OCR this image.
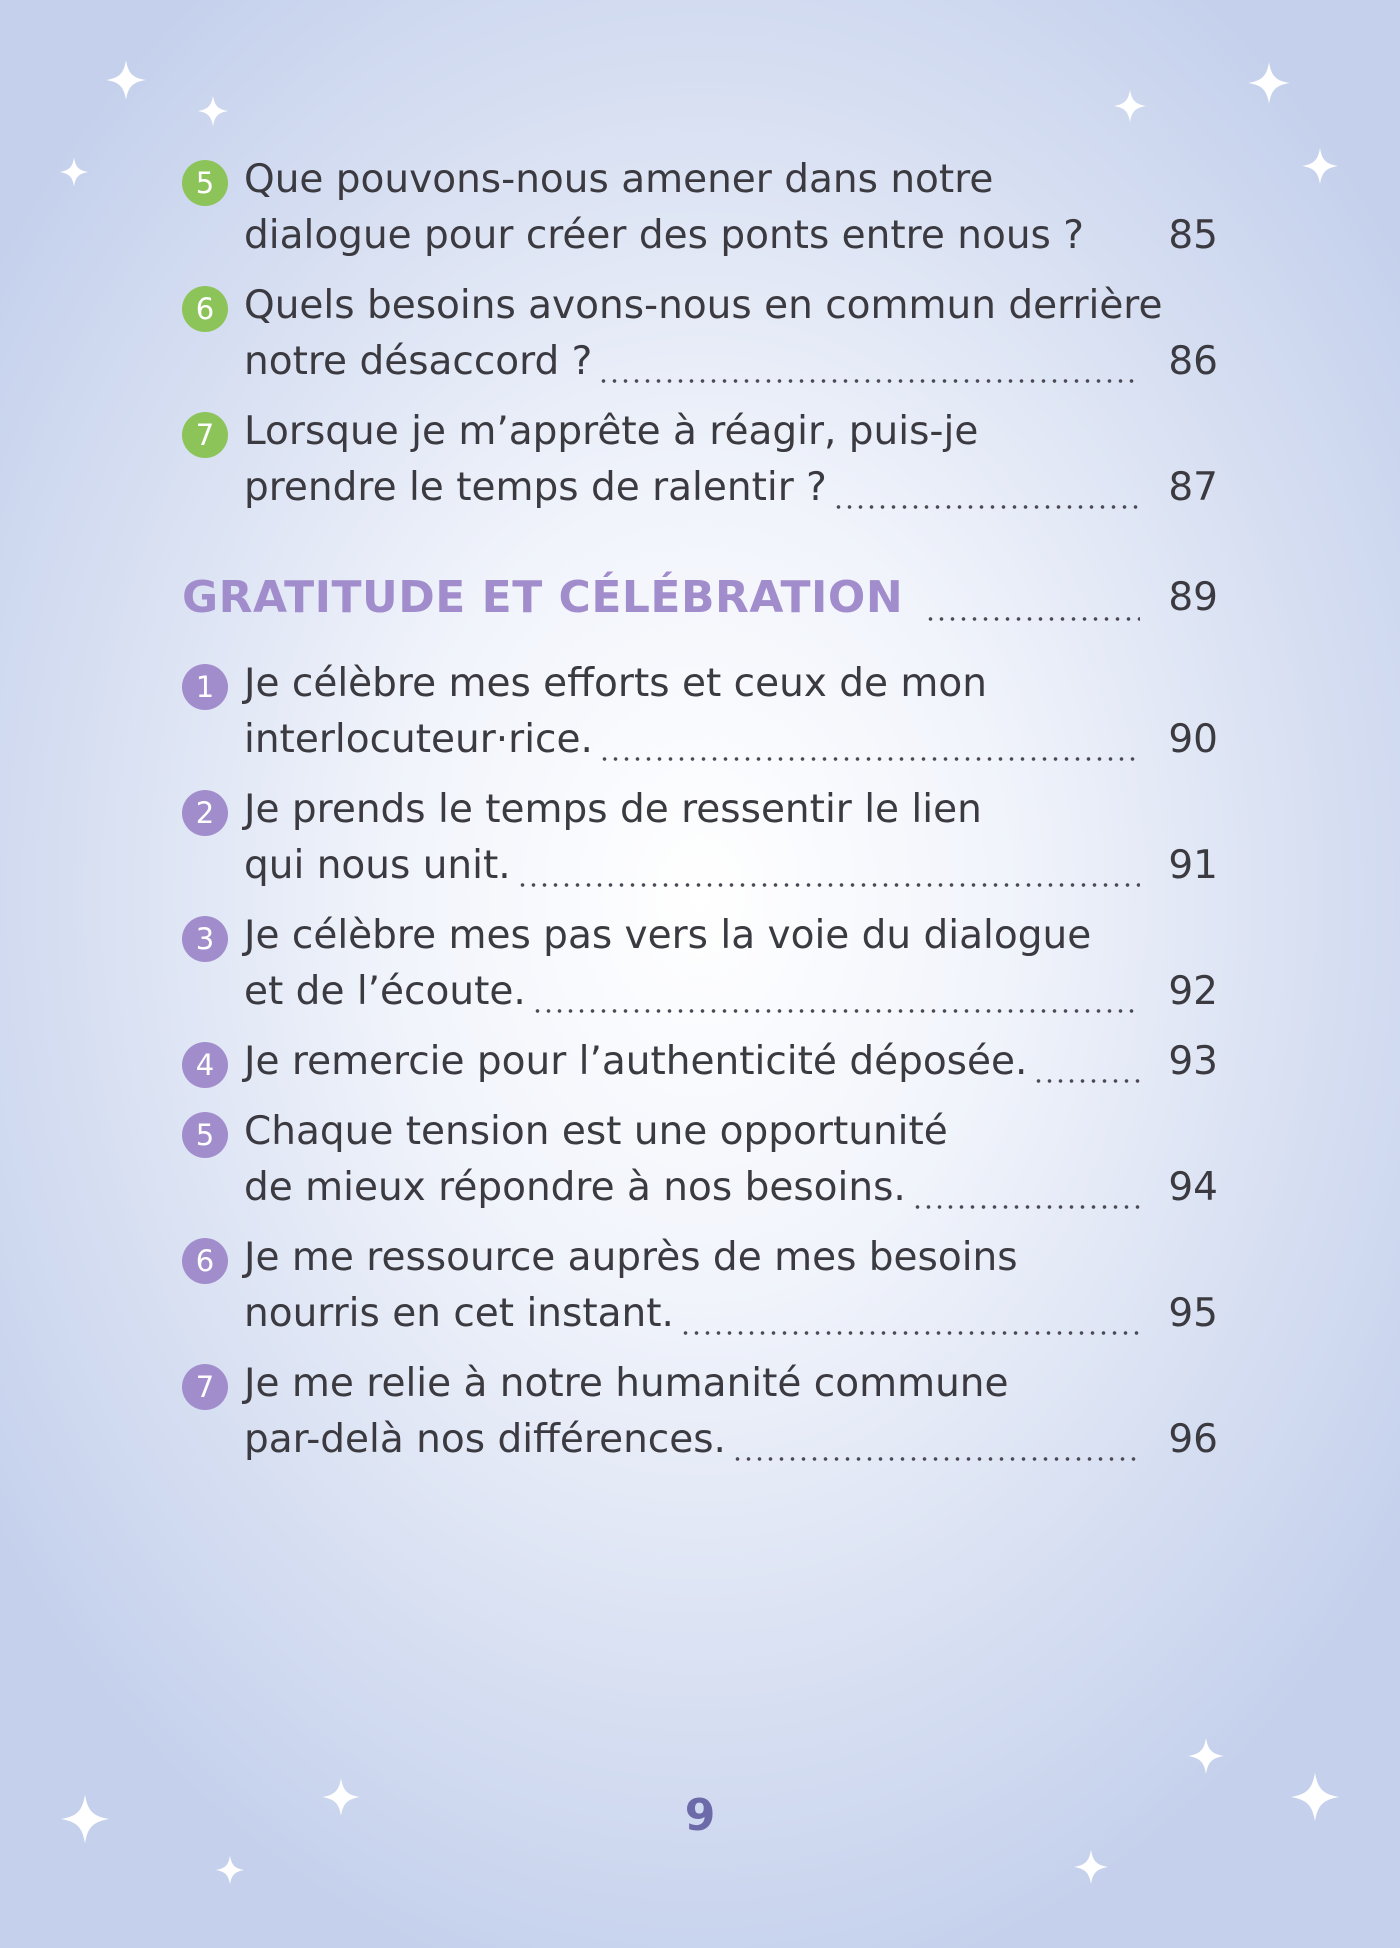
5 Que pouvons-nous amener dans notre
dialogue pour créer des ponts entre nous ?	85
6 Quels besoins avons-nous en commun derrière
notre désaccord ?	86
7 Lorsque je m’apprête à réagir, puis-je
prendre le temps de ralentir ?	87
GRATITUDE ET CÉLÉBRATION	89
1 Je célèbre mes efforts et ceux de mon
interlocuteur·rice.	90
2 Je prends le temps de ressentir le lien
qui nous unit.	91
3 Je célèbre mes pas vers la voie du dialogue
et de l’écoute.	92
4 Je remercie pour l’authenticité déposée.	93
5 Chaque tension est une opportunité
de mieux répondre à nos besoins.	94
6 Je me ressource auprès de mes besoins
nourris en cet instant.	95
7 Je me relie à notre humanité commune
par-delà nos différences.	96
9
